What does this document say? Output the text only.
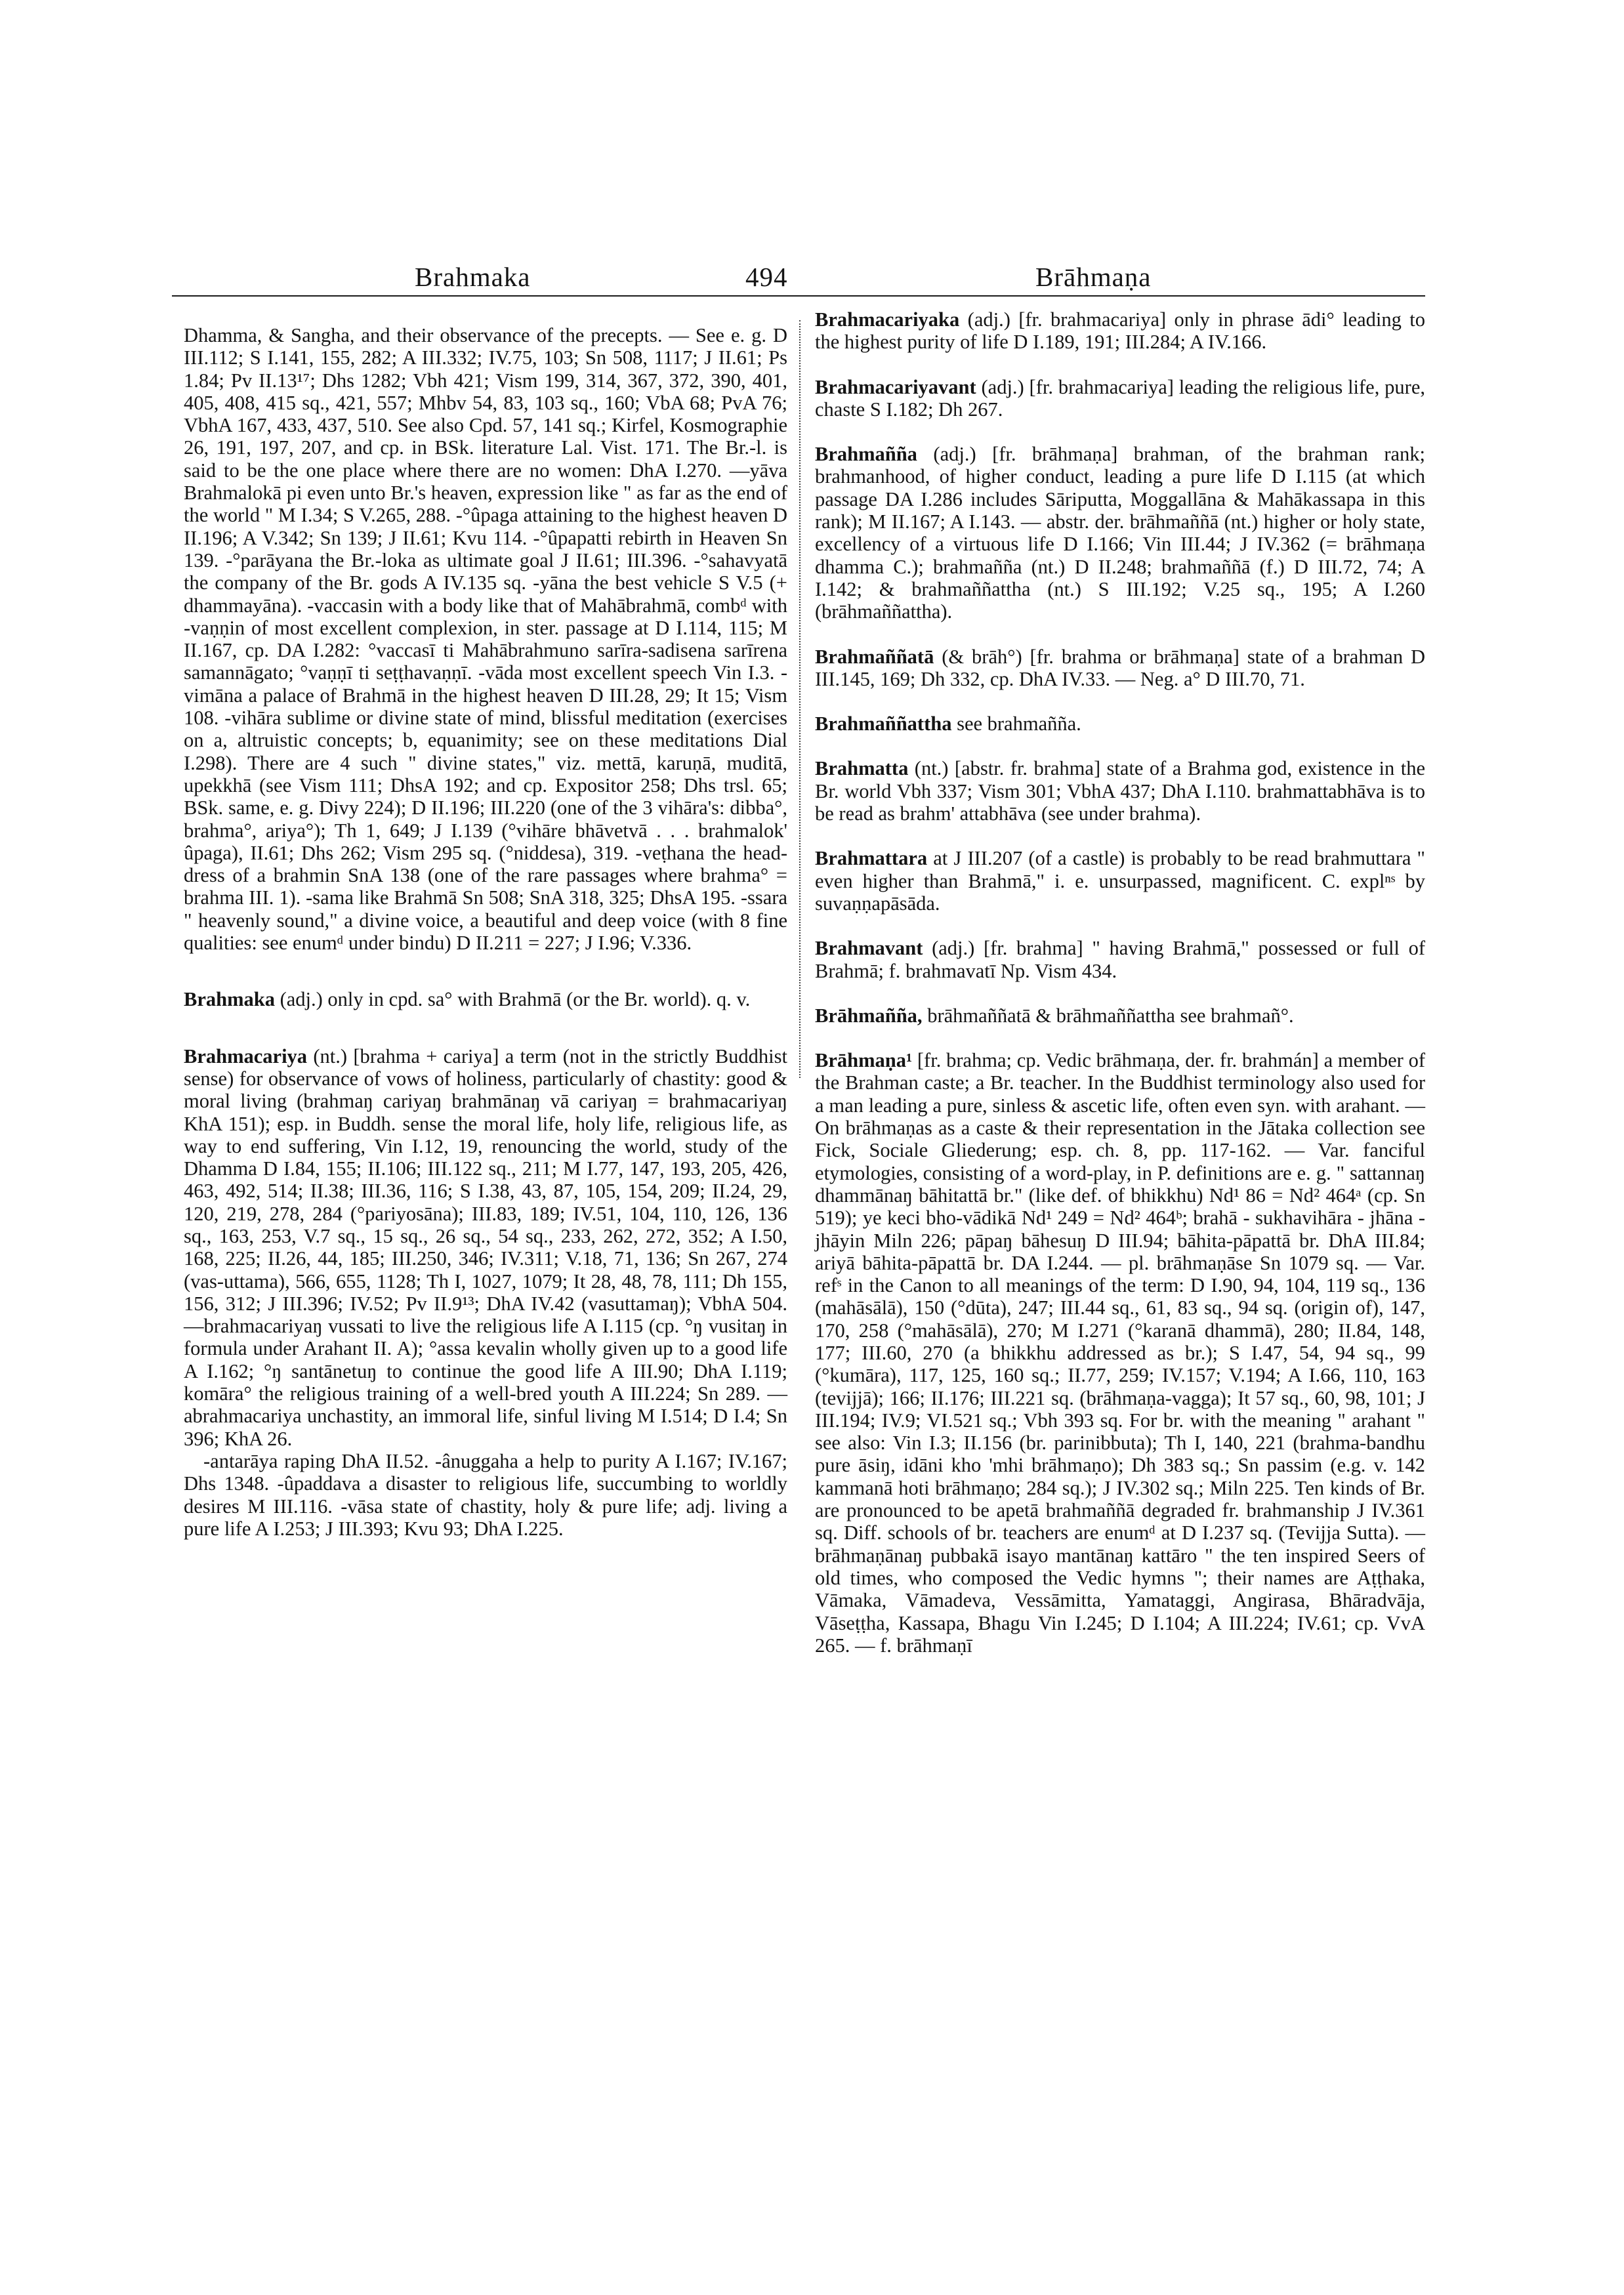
Brahmaka	494	Brāhmaṇa

Dhamma, & Sangha, and their observance of the precepts. — See e. g. D III.112; S I.141, 155, 282; A III.332; IV.75, 103; Sn 508, 1117; J II.61; Ps 1.84; Pv II.13¹⁷; Dhs 1282; Vbh 421; Vism 199, 314, 367, 372, 390, 401, 405, 408, 415 sq., 421, 557; Mhbv 54, 83, 103 sq., 160; VbA 68; PvA 76; VbhA 167, 433, 437, 510. See also Cpd. 57, 141 sq.; Kirfel, Kosmographie 26, 191, 197, 207, and cp. in BSk. literature Lal. Vist. 171. The Br.-l. is said to be the one place where there are no women: DhA I.270. —yāva Brahmalokā pi even unto Br.'s heaven, expression like " as far as the end of the world " M I.34; S V.265, 288. -°ûpaga attaining to the highest heaven D II.196; A V.342; Sn 139; J II.61; Kvu 114. -°ûpapatti rebirth in Heaven Sn 139. -°parāyana the Br.-loka as ultimate goal J II.61; III.396. -°sahavyatā the company of the Br. gods A IV.135 sq. -yāna the best vehicle S V.5 (+ dhammayāna). -vaccasin with a body like that of Mahābrahmā, combᵈ with -vaṇṇin of most excellent complexion, in ster. passage at D I.114, 115; M II.167, cp. DA I.282: °vaccasī ti Mahābrahmuno sarīra-sadisena sarīrena samannāgato; °vaṇṇī ti seṭṭhavaṇṇī. -vāda most excellent speech Vin I.3. -vimāna a palace of Brahmā in the highest heaven D III.28, 29; It 15; Vism 108. -vihāra sublime or divine state of mind, blissful meditation (exercises on a, altruistic concepts; b, equanimity; see on these meditations Dial I.298). There are 4 such " divine states," viz. mettā, karuṇā, muditā, upekkhā (see Vism 111; DhsA 192; and cp. Expositor 258; Dhs trsl. 65; BSk. same, e. g. Divy 224); D II.196; III.220 (one of the 3 vihāra's: dibba°, brahma°, ariya°); Th 1, 649; J I.139 (°vihāre bhāvetvā . . . brahmalok' ûpaga), II.61; Dhs 262; Vism 295 sq. (°niddesa), 319. -veṭhana the head-dress of a brahmin SnA 138 (one of the rare passages where brahma° = brahma III. 1). -sama like Brahmā Sn 508; SnA 318, 325; DhsA 195. -ssara " heavenly sound," a divine voice, a beautiful and deep voice (with 8 fine qualities: see enumᵈ under bindu) D II.211 = 227; J I.96; V.336.

Brahmaka (adj.) only in cpd. sa° with Brahmā (or the Br. world). q. v.

Brahmacariya (nt.) [brahma + cariya] a term (not in the strictly Buddhist sense) for observance of vows of holiness, particularly of chastity: good & moral living (brahmaŋ cariyaŋ brahmānaŋ vā cariyaŋ = brahmacariyaŋ KhA 151); esp. in Buddh. sense the moral life, holy life, religious life, as way to end suffering, Vin I.12, 19, renouncing the world, study of the Dhamma D I.84, 155; II.106; III.122 sq., 211; M I.77, 147, 193, 205, 426, 463, 492, 514; II.38; III.36, 116; S I.38, 43, 87, 105, 154, 209; II.24, 29, 120, 219, 278, 284 (°pariyosāna); III.83, 189; IV.51, 104, 110, 126, 136 sq., 163, 253, V.7 sq., 15 sq., 26 sq., 54 sq., 233, 262, 272, 352; A I.50, 168, 225; II.26, 44, 185; III.250, 346; IV.311; V.18, 71, 136; Sn 267, 274 (vas-uttama), 566, 655, 1128; Th I, 1027, 1079; It 28, 48, 78, 111; Dh 155, 156, 312; J III.396; IV.52; Pv II.9¹³; DhA IV.42 (vasuttamaŋ); VbhA 504. —brahmacariyaŋ vussati to live the religious life A I.115 (cp. °ŋ vusitaŋ in formula under Arahant II. A); °assa kevalin wholly given up to a good life A I.162; °ŋ santānetuŋ to continue the good life A III.90; DhA I.119; komāra° the religious training of a well-bred youth A III.224; Sn 289. —abrahmacariya unchastity, an immoral life, sinful living M I.514; D I.4; Sn 396; KhA 26.

-antarāya raping DhA II.52. -ânuggaha a help to purity A I.167; IV.167; Dhs 1348. -ûpaddava a disaster to religious life, succumbing to worldly desires M III.116. -vāsa state of chastity, holy & pure life; adj. living a pure life A I.253; J III.393; Kvu 93; DhA I.225.

Brahmacariyaka (adj.) [fr. brahmacariya] only in phrase ādi° leading to the highest purity of life D I.189, 191; III.284; A IV.166.

Brahmacariyavant (adj.) [fr. brahmacariya] leading the religious life, pure, chaste S I.182; Dh 267.

Brahmañña (adj.) [fr. brāhmaṇa] brahman, of the brahman rank; brahmanhood, of higher conduct, leading a pure life D I.115 (at which passage DA I.286 includes Sāriputta, Moggallāna & Mahākassapa in this rank); M II.167; A I.143. — abstr. der. brāhmaññā (nt.) higher or holy state, excellency of a virtuous life D I.166; Vin III.44; J IV.362 (= brāhmaṇa dhamma C.); brahmañña (nt.) D II.248; brahmaññā (f.) D III.72, 74; A I.142; & brahmaññattha (nt.) S III.192; V.25 sq., 195; A I.260 (brāhmaññattha).

Brahmaññatā (& brāh°) [fr. brahma or brāhmaṇa] state of a brahman D III.145, 169; Dh 332, cp. DhA IV.33. — Neg. a° D III.70, 71.

Brahmaññattha see brahmañña.

Brahmatta (nt.) [abstr. fr. brahma] state of a Brahma god, existence in the Br. world Vbh 337; Vism 301; VbhA 437; DhA I.110. brahmattabhāva is to be read as brahm' attabhāva (see under brahma).

Brahmattara at J III.207 (of a castle) is probably to be read brahmuttara " even higher than Brahmā," i. e. unsurpassed, magnificent. C. explⁿˢ by suvaṇṇapāsāda.

Brahmavant (adj.) [fr. brahma] " having Brahmā," possessed or full of Brahmā; f. brahmavatī Np. Vism 434.

Brāhmañña, brāhmaññatā & brāhmaññattha see brahmañ°.

Brāhmaṇa¹ [fr. brahma; cp. Vedic brāhmaṇa, der. fr. brahmán] a member of the Brahman caste; a Br. teacher. In the Buddhist terminology also used for a man leading a pure, sinless & ascetic life, often even syn. with arahant. — On brāhmaṇas as a caste & their representation in the Jātaka collection see Fick, Sociale Gliederung; esp. ch. 8, pp. 117-162. — Var. fanciful etymologies, consisting of a word-play, in P. definitions are e. g. " sattannaŋ dhammānaŋ bāhitattā br." (like def. of bhikkhu) Nd¹ 86 = Nd² 464ᵃ (cp. Sn 519); ye keci bho-vādikā Nd¹ 249 = Nd² 464ᵇ; brahā - sukhavihāra - jhāna - jhāyin Miln 226; pāpaŋ bāhesuŋ D III.94; bāhita-pāpattā br. DhA III.84; ariyā bāhita-pāpattā br. DA I.244. — pl. brāhmaṇāse Sn 1079 sq. — Var. refˢ in the Canon to all meanings of the term: D I.90, 94, 104, 119 sq., 136 (mahāsālā), 150 (°dūta), 247; III.44 sq., 61, 83 sq., 94 sq. (origin of), 147, 170, 258 (°mahāsālā), 270; M I.271 (°karanā dhammā), 280; II.84, 148, 177; III.60, 270 (a bhikkhu addressed as br.); S I.47, 54, 94 sq., 99 (°kumāra), 117, 125, 160 sq.; II.77, 259; IV.157; V.194; A I.66, 110, 163 (tevijjā); 166; II.176; III.221 sq. (brāhmaṇa-vagga); It 57 sq., 60, 98, 101; J III.194; IV.9; VI.521 sq.; Vbh 393 sq. For br. with the meaning " arahant " see also: Vin I.3; II.156 (br. parinibbuta); Th I, 140, 221 (brahma-bandhu pure āsiŋ, idāni kho 'mhi brāhmaṇo); Dh 383 sq.; Sn passim (e.g. v. 142 kammanā hoti brāhmaṇo; 284 sq.); J IV.302 sq.; Miln 225. Ten kinds of Br. are pronounced to be apetā brahmaññā degraded fr. brahmanship J IV.361 sq. Diff. schools of br. teachers are enumᵈ at D I.237 sq. (Tevijja Sutta). —brāhmaṇānaŋ pubbakā isayo mantānaŋ kattāro " the ten inspired Seers of old times, who composed the Vedic hymns "; their names are Aṭṭhaka, Vāmaka, Vāmadeva, Vessāmitta, Yamataggi, Angirasa, Bhāradvāja, Vāseṭṭha, Kassapa, Bhagu Vin I.245; D I.104; A III.224; IV.61; cp. VvA 265. — f. brāhmaṇī
